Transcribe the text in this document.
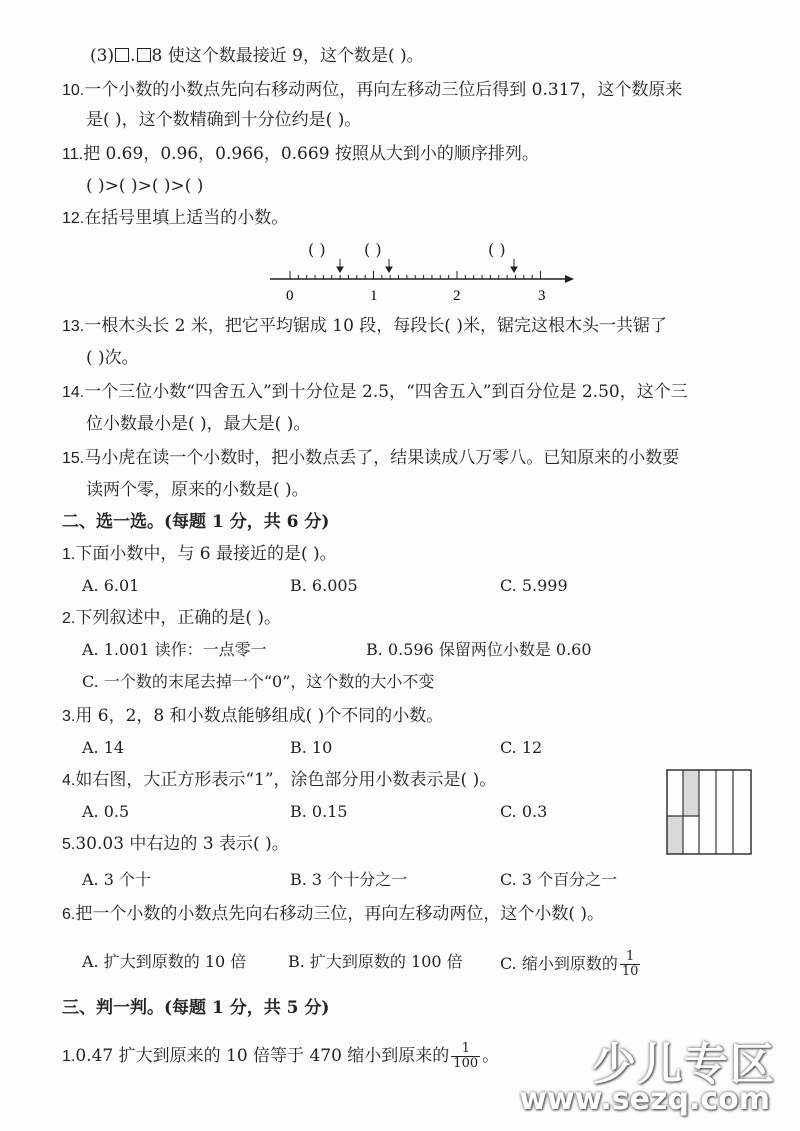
(3) . 8 使这个数最接近 9，这个数是( )。
10.一个小数的小数点先向右移动两位，再向左移动三位后得到 0.317，这个数原来
是( )，这个数精确到十分位约是( )。
11.把 0.69，0.96，0.966，0.669 按照从大到小的顺序排列。
( )>( )>( )>( )
12.在括号里填上适当的小数。
( ) ( )	( )
0	1	2	3
13.一根木头长 2 米，把它平均锯成 10 段，每段长( )米，锯完这根木头一共锯了
( )次。
14.一个三位小数“四舍五入”到十分位是 2.5，“四舍五入”到百分位是 2.50，这个三
位小数最小是( )，最大是( )。
15.马小虎在读一个小数时，把小数点丢了，结果读成八万零八。已知原来的小数要
读两个零，原来的小数是( )。
二、选一选。(每题 1 分，共 6 分)
1.下面小数中，与 6 最接近的是( )。
A. 6.01	B. 6.005	C. 5.999
2.下列叙述中，正确的是( )。
A. 1.001 读作：一点零一	B. 0.596 保留两位小数是 0.60
C. 一个数的末尾去掉一个“0”，这个数的大小不变
3.用 6，2，8 和小数点能够组成( )个不同的小数。
A. 14	B. 10	C. 12
4.如右图，大正方形表示“1”，涂色部分用小数表示是( )。
A. 0.5	B. 0.15	C. 0.3
5.30.03 中右边的 3 表示( )。
A. 3 个十	B. 3 个十分之一	C. 3 个百分之一
6.把一个小数的小数点先向右移动三位，再向左移动两位，这个小数( )。
A. 扩大到原数的 10 倍	B. 扩大到原数的 100 倍 C. 缩小到原数的 $\frac{1}{10}$
三、判一判。(每题 1 分，共 5 分)
1.0.47 扩大到原来的 10 倍等于 470 缩小到原来的 $\frac{1}{100}$ 。 少儿专区
www.sezq.com
